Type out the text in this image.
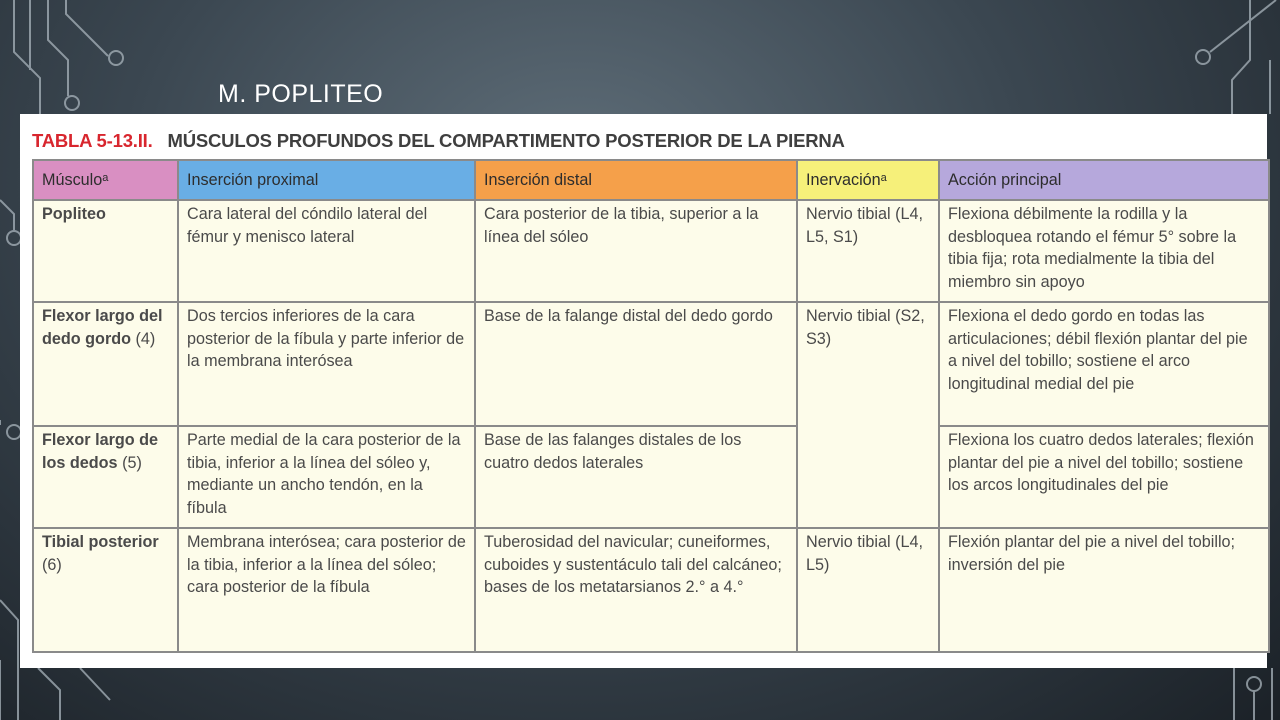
M. POPLITEO
TABLA 5-13.II. MÚSCULOS PROFUNDOS DEL COMPARTIMENTO POSTERIOR DE LA PIERNA
Músculoᵃ	Inserción proximal	Inserción distal	Inervaciónᵃ	Acción principal
Popliteo	Cara lateral del cóndilo lateral del fémur y menisco lateral	Cara posterior de la tibia, superior a la línea del sóleo	Nervio tibial (L4, L5, S1)	Flexiona débilmente la rodilla y la desbloquea rotando el fémur 5° sobre la tibia fija; rota medialmente la tibia del miembro sin apoyo
Flexor largo del dedo gordo (4)	Dos tercios inferiores de la cara posterior de la fíbula y parte inferior de la membrana interósea	Base de la falange distal del dedo gordo	Nervio tibial (S2, S3)	Flexiona el dedo gordo en todas las articulaciones; débil flexión plantar del pie a nivel del tobillo; sostiene el arco longitudinal medial del pie
Flexor largo de los dedos (5)	Parte medial de la cara posterior de la tibia, inferior a la línea del sóleo y, mediante un ancho tendón, en la fíbula	Base de las falanges distales de los cuatro dedos laterales		Flexiona los cuatro dedos laterales; flexión plantar del pie a nivel del tobillo; sostiene los arcos longitudinales del pie
Tibial posterior (6)	Membrana interósea; cara posterior de la tibia, inferior a la línea del sóleo; cara posterior de la fíbula	Tuberosidad del navicular; cuneiformes, cuboides y sustentáculo tali del calcáneo; bases de los metatarsianos 2.° a 4.°	Nervio tibial (L4, L5)	Flexión plantar del pie a nivel del tobillo; inversión del pie
